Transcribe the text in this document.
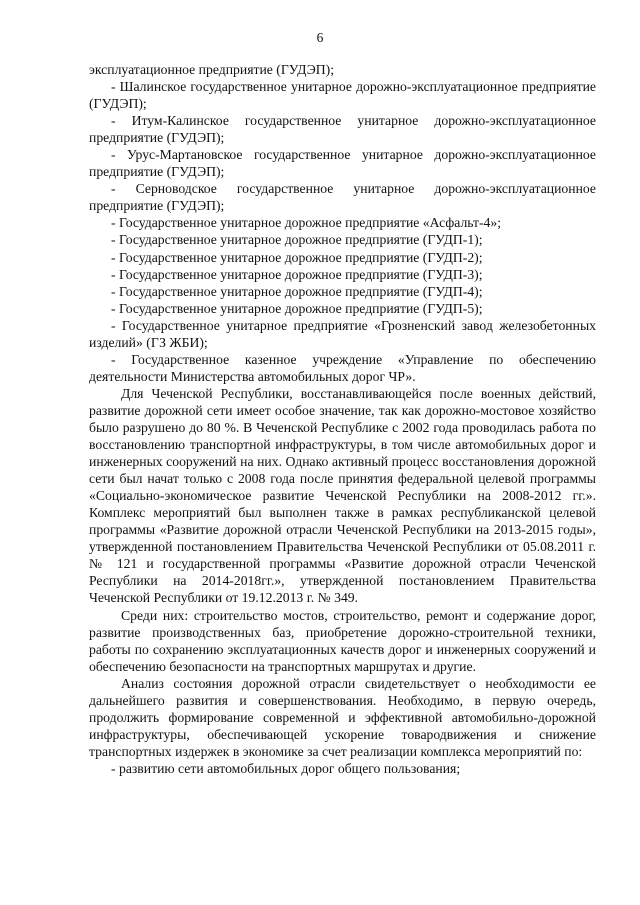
6

эксплуатационное предприятие (ГУДЭП);

- Шалинское государственное унитарное дорожно-эксплуатационное предприятие (ГУДЭП);

- Итум-Калинское государственное унитарное дорожно-эксплуатационное предприятие (ГУДЭП);

- Урус-Мартановское государственное унитарное дорожно-эксплуатационное предприятие (ГУДЭП);

- Серноводское государственное унитарное дорожно-эксплуатационное предприятие (ГУДЭП);

- Государственное унитарное дорожное предприятие «Асфальт-4»;

- Государственное унитарное дорожное предприятие (ГУДП-1);

- Государственное унитарное дорожное предприятие (ГУДП-2);

- Государственное унитарное дорожное предприятие (ГУДП-3);

- Государственное унитарное дорожное предприятие (ГУДП-4);

- Государственное унитарное дорожное предприятие (ГУДП-5);

- Государственное унитарное предприятие «Грозненский завод железобетонных изделий» (ГЗ ЖБИ);

- Государственное казенное учреждение «Управление по обеспечению деятельности Министерства автомобильных дорог ЧР».

Для Чеченской Республики, восстанавливающейся после военных действий, развитие дорожной сети имеет особое значение, так как дорожно-мостовое хозяйство было разрушено до 80 %. В Чеченской Республике с 2002 года проводилась работа по восстановлению транспортной инфраструктуры, в том числе автомобильных дорог и инженерных сооружений на них. Однако активный процесс восстановления дорожной сети был начат только с 2008 года после принятия федеральной целевой программы «Социально-экономическое развитие Чеченской Республики на 2008-2012 гг.». Комплекс мероприятий был выполнен также в рамках республиканской целевой программы «Развитие дорожной отрасли Чеченской Республики на 2013-2015 годы», утвержденной постановлением Правительства Чеченской Республики от 05.08.2011 г. № 121 и государственной программы «Развитие дорожной отрасли Чеченской Республики на 2014-2018гг.», утвержденной постановлением Правительства Чеченской Республики от 19.12.2013 г. № 349.

Среди них: строительство мостов, строительство, ремонт и содержание дорог, развитие производственных баз, приобретение дорожно-строительной техники, работы по сохранению эксплуатационных качеств дорог и инженерных сооружений и обеспечению безопасности на транспортных маршрутах и другие.

Анализ состояния дорожной отрасли свидетельствует о необходимости ее дальнейшего развития и совершенствования. Необходимо, в первую очередь, продолжить формирование современной и эффективной автомобильно-дорожной инфраструктуры, обеспечивающей ускорение товародвижения и снижение транспортных издержек в экономике за счет реализации комплекса мероприятий по:

- развитию сети автомобильных дорог общего пользования;
